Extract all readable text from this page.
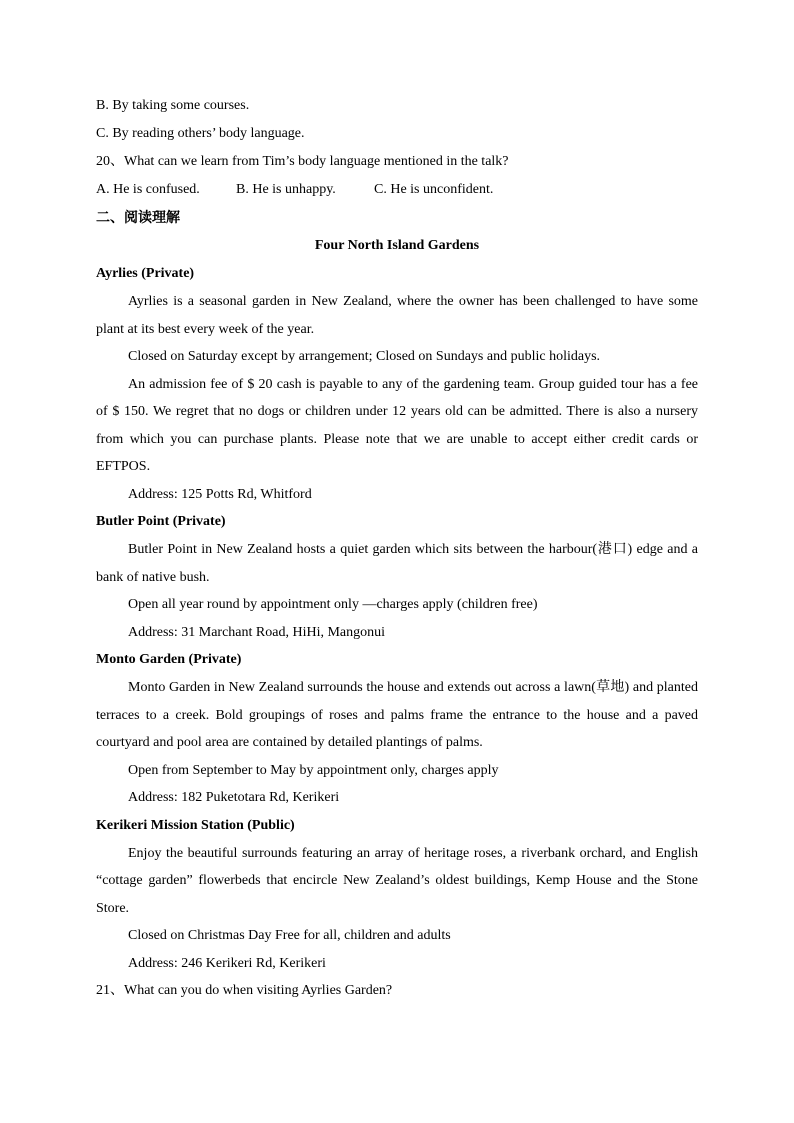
B. By taking some courses.
C. By reading others’ body language.
20、What can we learn from Tim’s body language mentioned in the talk?
A. He is confused.	B. He is unhappy.	C. He is unconfident.
二、阅读理解
Four North Island Gardens
Ayrlies (Private)
Ayrlies is a seasonal garden in New Zealand, where the owner has been challenged to have some plant at its best every week of the year.
Closed on Saturday except by arrangement; Closed on Sundays and public holidays.
An admission fee of $ 20 cash is payable to any of the gardening team. Group guided tour has a fee of $ 150. We regret that no dogs or children under 12 years old can be admitted. There is also a nursery from which you can purchase plants. Please note that we are unable to accept either credit cards or EFTPOS.
Address: 125 Potts Rd, Whitford
Butler Point (Private)
Butler Point in New Zealand hosts a quiet garden which sits between the harbour(港口) edge and a bank of native bush.
Open all year round by appointment only —charges apply (children free)
Address: 31 Marchant Road, HiHi, Mangonui
Monto Garden (Private)
Monto Garden in New Zealand surrounds the house and extends out across a lawn(草地) and planted terraces to a creek. Bold groupings of roses and palms frame the entrance to the house and a paved courtyard and pool area are contained by detailed plantings of palms.
Open from September to May by appointment only, charges apply
Address: 182 Puketotara Rd, Kerikeri
Kerikeri Mission Station (Public)
Enjoy the beautiful surrounds featuring an array of heritage roses, a riverbank orchard, and English “cottage garden” flowerbeds that encircle New Zealand’s oldest buildings, Kemp House and the Stone Store.
Closed on Christmas Day Free for all, children and adults
Address: 246 Kerikeri Rd, Kerikeri
21、What can you do when visiting Ayrlies Garden?
